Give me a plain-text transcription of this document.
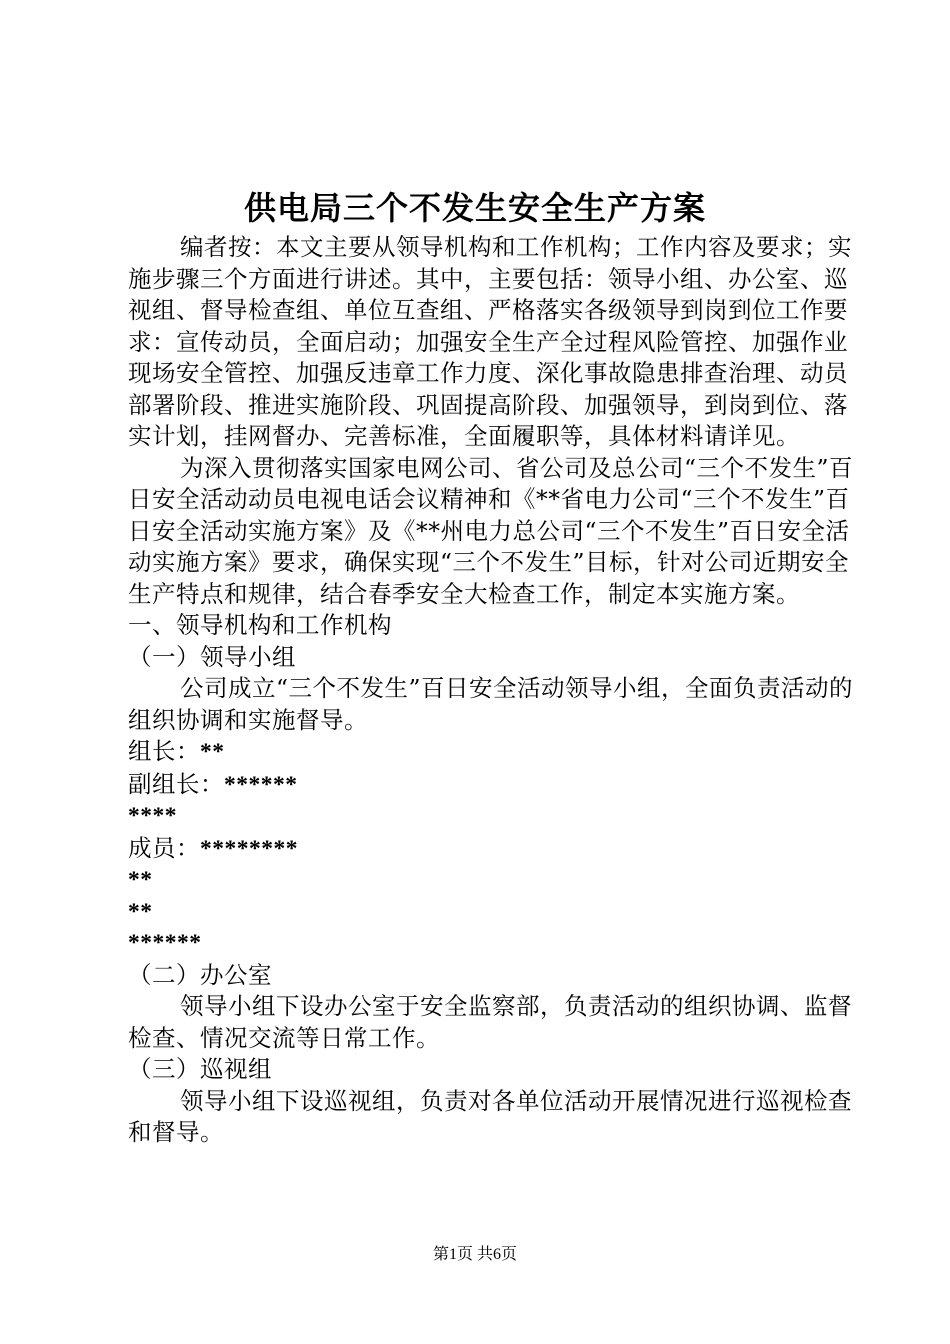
供电局三个不发生安全生产方案

编者按：本文主要从领导机构和工作机构；工作内容及要求；实施步骤三个方面进行讲述。其中，主要包括：领导小组、办公室、巡视组、督导检查组、单位互查组、严格落实各级领导到岗到位工作要求：宣传动员，全面启动；加强安全生产全过程风险管控、加强作业现场安全管控、加强反违章工作力度、深化事故隐患排查治理、动员部署阶段、推进实施阶段、巩固提高阶段、加强领导，到岗到位、落实计划，挂网督办、完善标准，全面履职等，具体材料请详见。

为深入贯彻落实国家电网公司、省公司及总公司“三个不发生”百日安全活动动员电视电话会议精神和《**省电力公司“三个不发生”百日安全活动实施方案》及《**州电力总公司“三个不发生”百日安全活动实施方案》要求，确保实现“三个不发生”目标，针对公司近期安全生产特点和规律，结合春季安全大检查工作，制定本实施方案。

一、领导机构和工作机构

（一）领导小组

公司成立“三个不发生”百日安全活动领导小组，全面负责活动的组织协调和实施督导。

组长：**

副组长：******

****

成员：********

**

**

******

（二）办公室

领导小组下设办公室于安全监察部，负责活动的组织协调、监督检查、情况交流等日常工作。

（三）巡视组

领导小组下设巡视组，负责对各单位活动开展情况进行巡视检查和督导。

第1页 共6页
